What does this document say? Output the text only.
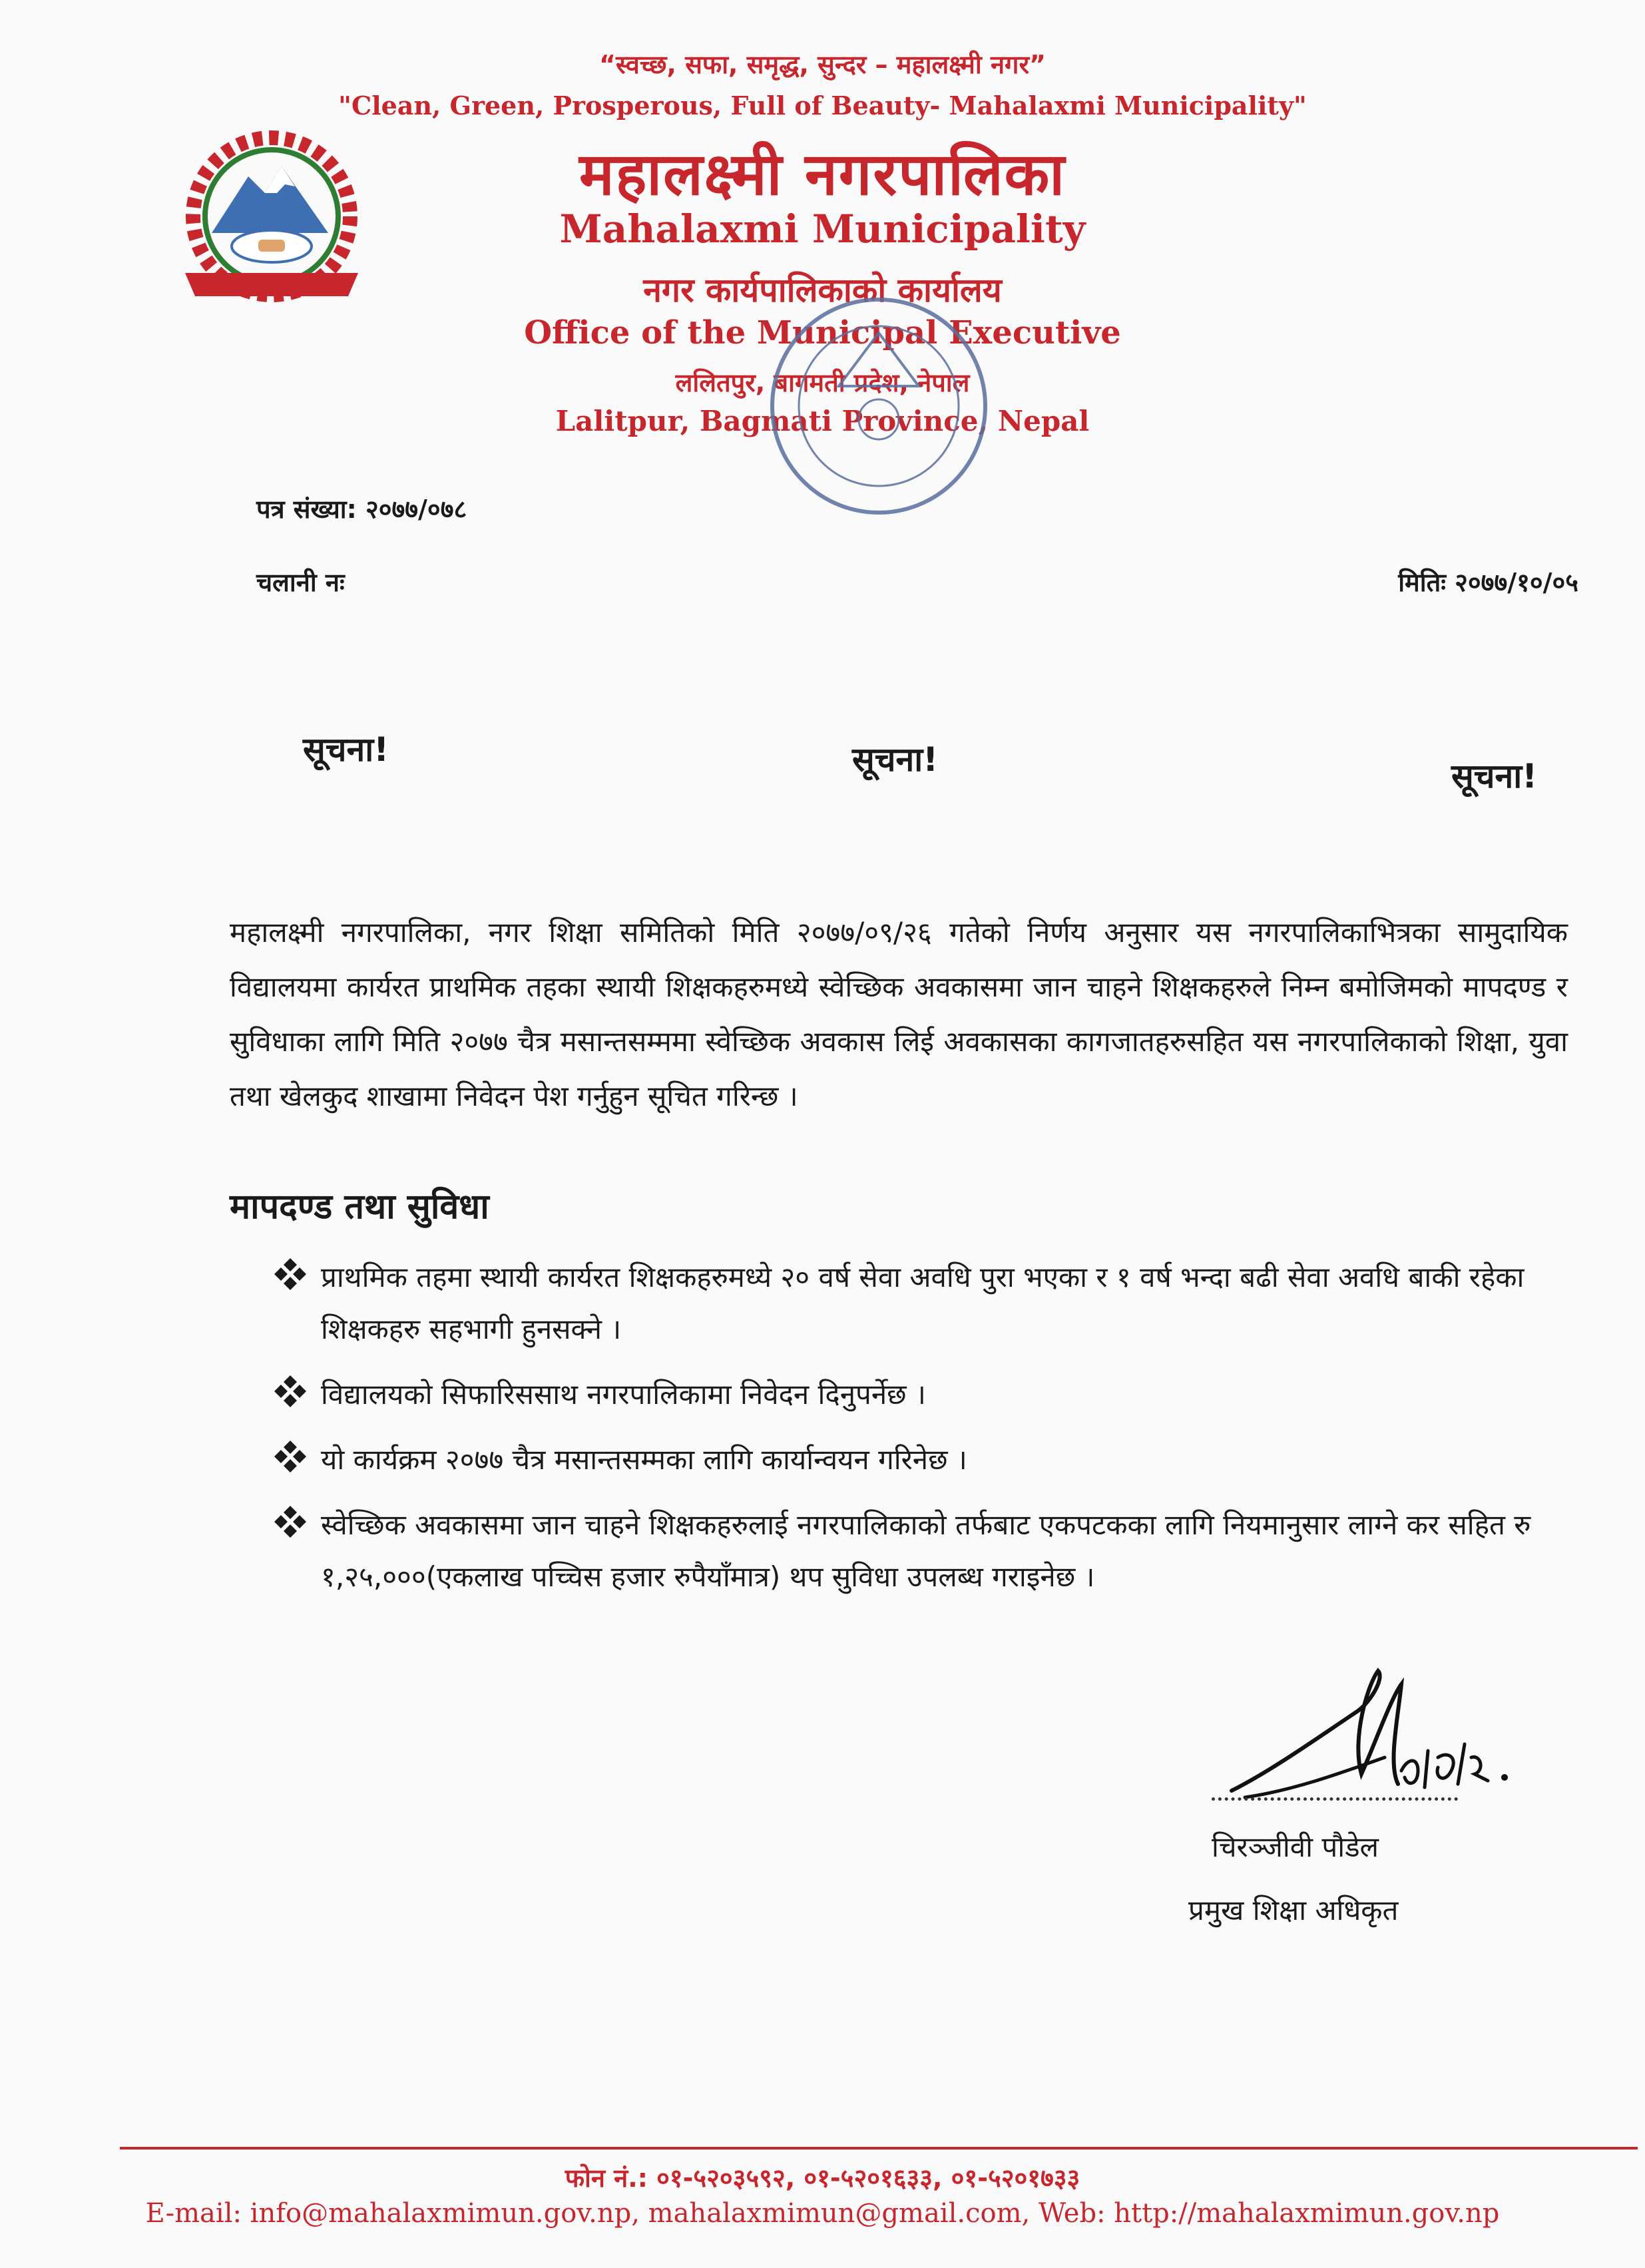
“स्वच्छ, सफा, समृद्ध, सुन्दर – महालक्ष्मी नगर”
"Clean, Green, Prosperous, Full of Beauty- Mahalaxmi Municipality"
महालक्ष्मी नगरपालिका
Mahalaxmi Municipality
नगर कार्यपालिकाको कार्यालय
Office of the Municipal Executive
ललितपुर, बागमती प्रदेश, नेपाल
Lalitpur, Bagmati Province, Nepal
पत्र संख्या: २०७७/०७८
चलानी नः	मितिः २०७७/१०/०५
सूचना!	सूचना!	सूचना!
महालक्ष्मी नगरपालिका, नगर शिक्षा समितिको मिति २०७७/०९/२६ गतेको निर्णय अनुसार यस नगरपालिकाभित्रका सामुदायिक विद्यालयमा कार्यरत प्राथमिक तहका स्थायी शिक्षकहरुमध्ये स्वेच्छिक अवकासमा जान चाहने शिक्षकहरुले निम्न बमोजिमको मापदण्ड र सुविधाका लागि मिति २०७७ चैत्र मसान्तसम्ममा स्वेच्छिक अवकास लिई अवकासका कागजातहरुसहित यस नगरपालिकाको शिक्षा, युवा तथा खेलकुद शाखामा निवेदन पेश गर्नुहुन सूचित गरिन्छ ।
मापदण्ड तथा सुविधा
प्राथमिक तहमा स्थायी कार्यरत शिक्षकहरुमध्ये २० वर्ष सेवा अवधि पुरा भएका र १ वर्ष भन्दा बढी सेवा अवधि बाकी रहेका शिक्षकहरु सहभागी हुनसक्ने ।
विद्यालयको सिफारिससाथ नगरपालिकामा निवेदन दिनुपर्नेछ ।
यो कार्यक्रम २०७७ चैत्र मसान्तसम्मका लागि कार्यान्वयन गरिनेछ ।
स्वेच्छिक अवकासमा जान चाहने शिक्षकहरुलाई नगरपालिकाको तर्फबाट एकपटकका लागि नियमानुसार लाग्ने कर सहित रु १,२५,०००(एकलाख पच्चिस हजार रुपैयाँमात्र) थप सुविधा उपलब्ध गराइनेछ ।
चिरञ्जीवी पौडेल
प्रमुख शिक्षा अधिकृत
फोन नं.: ०१-५२०३५९२, ०१-५२०१६३३, ०१-५२०१७३३
E-mail: info@mahalaxmimun.gov.np, mahalaxmimun@gmail.com, Web: http://mahalaxmimun.gov.np
